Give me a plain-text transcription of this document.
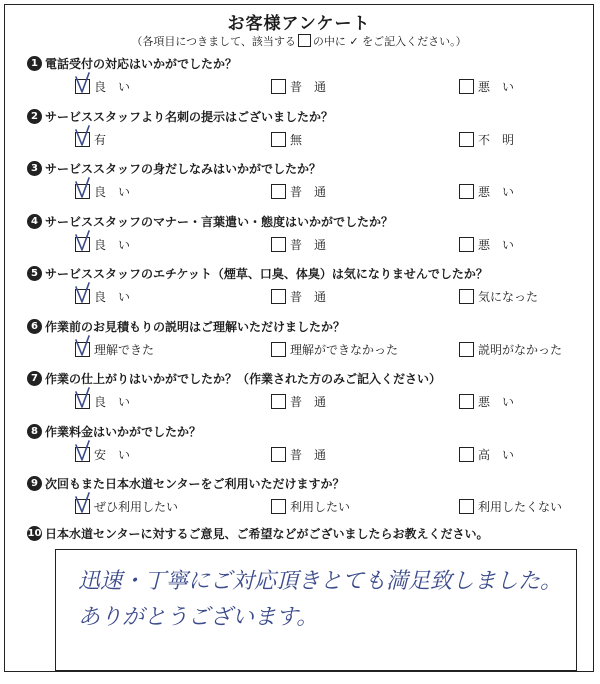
お客様アンケート
（各項目につきまして、該当する の中に ✓ をご記入ください。）
10 日本水道センターに対するご意見、ご希望などがございましたらお教えください。
迅速・丁寧にご対応頂きとても満足致しました。
ありがとうございます。
1 電話受付の対応はいかがでしたか？
良　い	普　通	悪　い
2 サービススタッフより名刺の提示はございましたか？
有	無	不　明
3 サービススタッフの身だしなみはいかがでしたか？
良　い	普　通	悪　い
4 サービススタッフのマナー・言葉遣い・態度はいかがでしたか？
良　い	普　通	悪　い
5 サービススタッフのエチケット（煙草、口臭、体臭）は気になりませんでしたか？
良　い	普　通	気になった
6 作業前のお見積もりの説明はご理解いただけましたか？
理解できた	理解ができなかった	説明がなかった
7 作業の仕上がりはいかがでしたか？（作業された方のみご記入ください）
良　い	普　通	悪　い
8 作業料金はいかがでしたか？
安　い	普　通	高　い
9 次回もまた日本水道センターをご利用いただけますか？
ぜひ利用したい	利用したい	利用したくない
